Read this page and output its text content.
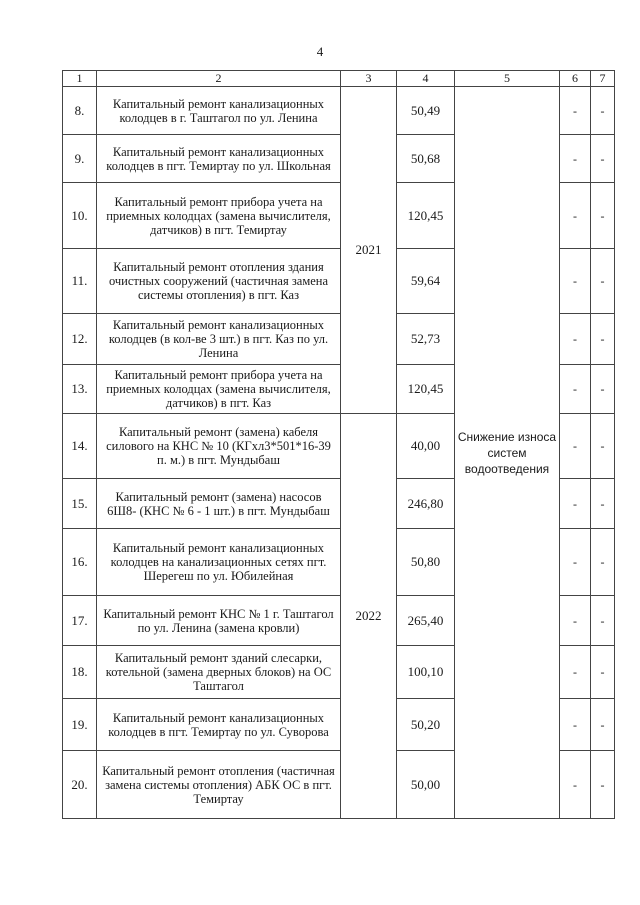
4
1	2	3	4	5	6	7
8.	Капитальный ремонт канализационных колодцев в г. Таштагол по ул. Ленина	2021	50,49	Снижение износа систем водоотведения	-	-
9.	Капитальный ремонт канализационных колодцев в пгт. Темиртау по ул. Школьная		50,68		-	-
10.	Капитальный ремонт прибора учета на приемных колодцах (замена вычислителя, датчиков) в пгт. Темиртау		120,45		-	-
11.	Капитальный ремонт отопления здания очистных сооружений (частичная замена системы отопления) в пгт. Каз		59,64		-	-
12.	Капитальный ремонт канализационных колодцев (в кол-ве 3 шт.) в пгт. Каз по ул. Ленина		52,73		-	-
13.	Капитальный ремонт прибора учета на приемных колодцах (замена вычислителя, датчиков) в пгт. Каз		120,45		-	-
14.	Капитальный ремонт (замена) кабеля силового на КНС № 10 (КГхл3*501*16-39 п. м.) в пгт. Мундыбаш	2022	40,00		-	-
15.	Капитальный ремонт (замена) насосов 6Ш8- (КНС № 6 - 1 шт.) в пгт. Мундыбаш		246,80		-	-
16.	Капитальный ремонт канализационных колодцев на канализационных сетях пгт. Шерегеш по ул. Юбилейная		50,80		-	-
17.	Капитальный ремонт КНС № 1 г. Таштагол по ул. Ленина (замена кровли)		265,40		-	-
18.	Капитальный ремонт зданий слесарки, котельной (замена дверных блоков) на ОС Таштагол		100,10		-	-
19.	Капитальный ремонт канализационных колодцев в пгт. Темиртау по ул. Суворова		50,20		-	-
20.	Капитальный ремонт отопления (частичная замена системы отопления) АБК ОС в пгт. Темиртау		50,00		-	-
